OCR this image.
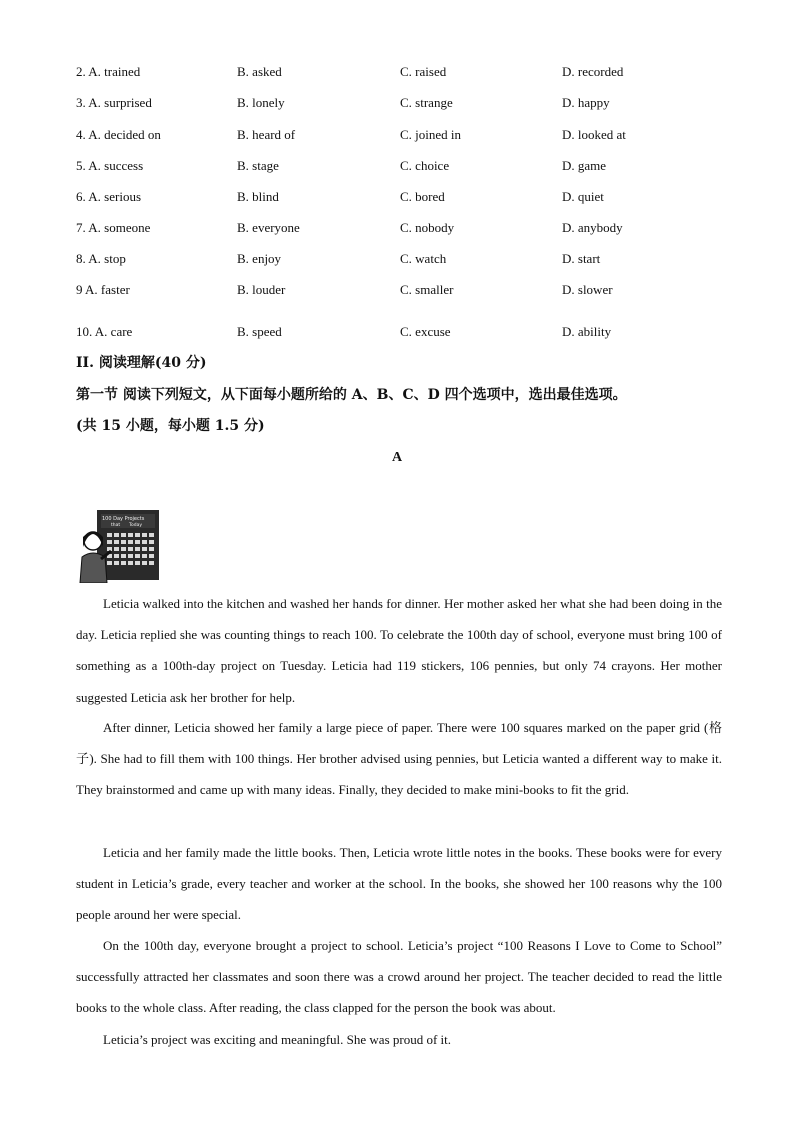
2. A. trained	B. asked	C. raised	D. recorded
3. A. surprised	B. lonely	C. strange	D. happy
4. A. decided on	B. heard of	C. joined in	D. looked at
5. A. success	B. stage	C. choice	D. game
6. A. serious	B. blind	C. bored	D. quiet
7. A. someone	B. everyone	C. nobody	D. anybody
8. A. stop	B. enjoy	C. watch	D. start
9 A. faster	B. louder	C. smaller	D. slower
10. A. care	B. speed	C. excuse	D. ability
II. 阅读理解(40 分)
第一节 阅读下列短文，从下面每小题所给的 A、B、C、D 四个选项中，选出最佳选项。
(共 15 小题，每小题 1.5 分)
A
100 Day Projects
that Today

Leticia walked into the kitchen and washed her hands for dinner. Her mother asked her what she had been doing in the day. Leticia replied she was counting things to reach 100. To celebrate the 100th day of school, everyone must bring 100 of something as a 100th-day project on Tuesday. Leticia had 119 stickers, 106 pennies, but only 74 crayons. Her mother suggested Leticia ask her brother for help.

After dinner, Leticia showed her family a large piece of paper. There were 100 squares marked on the paper grid (格子). She had to fill them with 100 things. Her brother advised using pennies, but Leticia wanted a different way to make it. They brainstormed and came up with many ideas. Finally, they decided to make mini-books to fit the grid.

Leticia and her family made the little books. Then, Leticia wrote little notes in the books. These books were for every student in Leticia’s grade, every teacher and worker at the school. In the books, she showed her 100 reasons why the 100 people around her were special.

On the 100th day, everyone brought a project to school. Leticia’s project “100 Reasons I Love to Come to School” successfully attracted her classmates and soon there was a crowd around her project. The teacher decided to read the little books to the whole class. After reading, the class clapped for the person the book was about.

Leticia’s project was exciting and meaningful. She was proud of it.
